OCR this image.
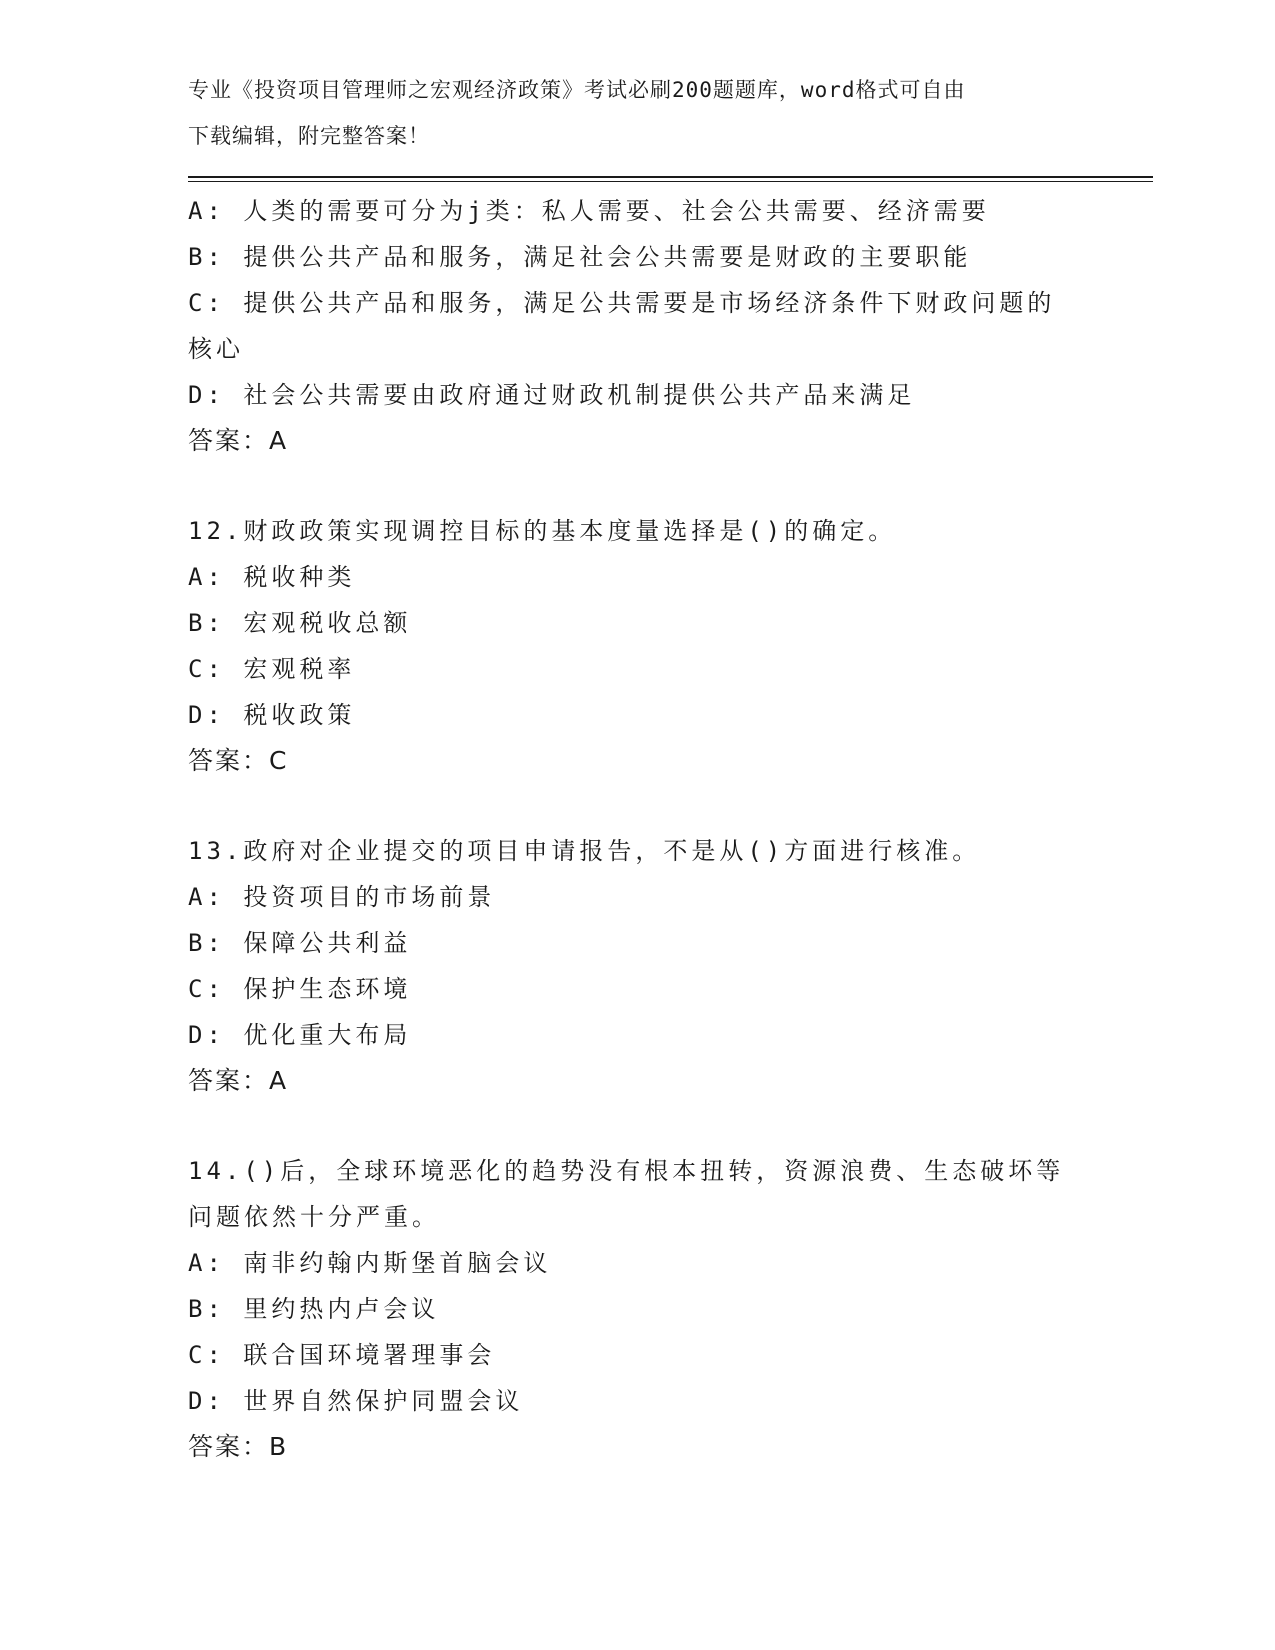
专业《投资项目管理师之宏观经济政策》考试必刷200题题库，word格式可自由
下载编辑，附完整答案！
A: 人类的需要可分为j类：私人需要、社会公共需要、经济需要
B: 提供公共产品和服务，满足社会公共需要是财政的主要职能
C: 提供公共产品和服务，满足公共需要是市场经济条件下财政问题的
核心
D: 社会公共需要由政府通过财政机制提供公共产品来满足
答案：A
12.财政政策实现调控目标的基本度量选择是()的确定。
A: 税收种类
B: 宏观税收总额
C: 宏观税率
D: 税收政策
答案：C
13.政府对企业提交的项目申请报告，不是从()方面进行核准。
A: 投资项目的市场前景
B: 保障公共利益
C: 保护生态环境
D: 优化重大布局
答案：A
14.()后，全球环境恶化的趋势没有根本扭转，资源浪费、生态破坏等
问题依然十分严重。
A: 南非约翰内斯堡首脑会议
B: 里约热内卢会议
C: 联合国环境署理事会
D: 世界自然保护同盟会议
答案：B
